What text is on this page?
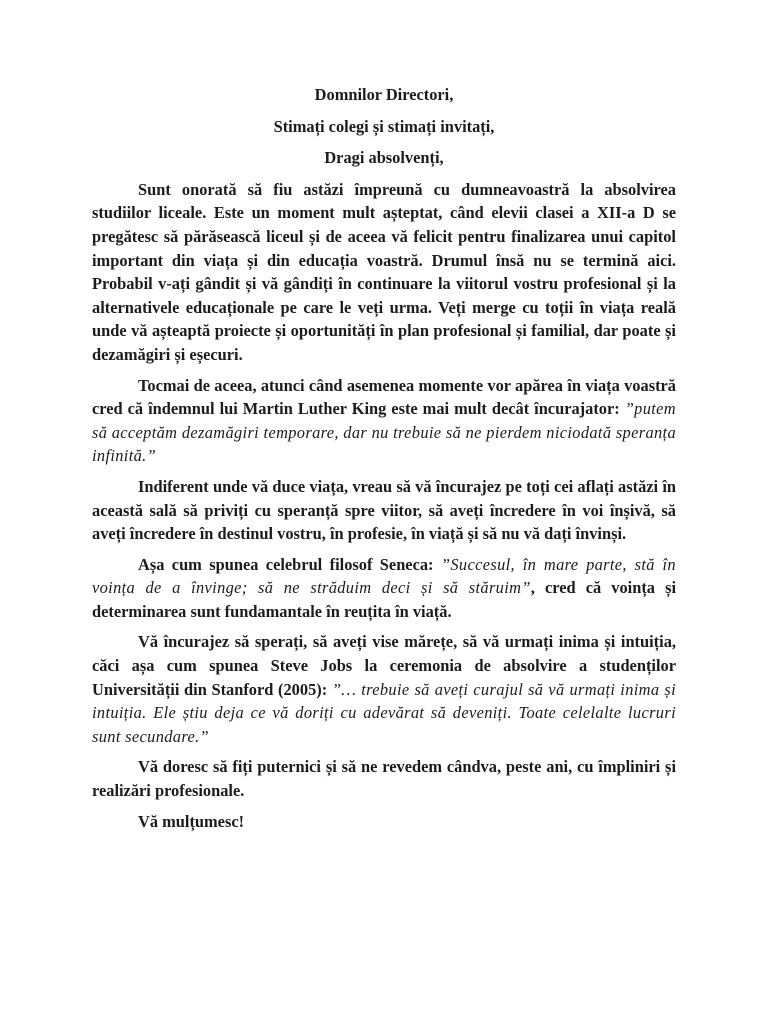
Domnilor Directori,

Stimați colegi și stimați invitați,

Dragi absolvenți,

Sunt onorată să fiu astăzi împreună cu dumneavoastră la absolvirea studiilor liceale. Este un moment mult așteptat, când elevii clasei a XII-a D se pregătesc să părăsească liceul și de aceea vă felicit pentru finalizarea unui capitol important din viața și din educația voastră. Drumul însă nu se termină aici. Probabil v-ați gândit și vă gândiți în continuare la viitorul vostru profesional și la alternativele educaționale pe care le veți urma. Veți merge cu toții în viața reală unde vă așteaptă proiecte și oportunități în plan profesional și familial, dar poate și dezamăgiri și eșecuri.

Tocmai de aceea, atunci când asemenea momente vor apărea în viața voastră cred că îndemnul lui Martin Luther King este mai mult decât încurajator: ”putem să acceptăm dezamăgiri temporare, dar nu trebuie să ne pierdem niciodată speranța infinită.”

Indiferent unde vă duce viața, vreau să vă încurajez pe toți cei aflați astăzi în această sală să priviți cu speranță spre viitor, să aveți încredere în voi înșivă, să aveți încredere în destinul vostru, în profesie, în viață și să nu vă dați învinși.

Așa cum spunea celebrul filosof Seneca: ”Succesul, în mare parte, stă în voința de a învinge; să ne străduim deci și să stăruim”, cred că voința și determinarea sunt fundamantale în reuțita în viață.

Vă încurajez să sperați, să aveți vise mărețe, să vă urmați inima și intuiția, căci așa cum spunea Steve Jobs la ceremonia de absolvire a studenților Universității din Stanford (2005): ”… trebuie să aveți curajul să vă urmați inima și intuiția. Ele știu deja ce vă doriți cu adevărat să deveniți. Toate celelalte lucruri sunt secundare.”

Vă doresc să fiți puternici și să ne revedem cândva, peste ani, cu împliniri și realizări profesionale.

Vă mulțumesc!
